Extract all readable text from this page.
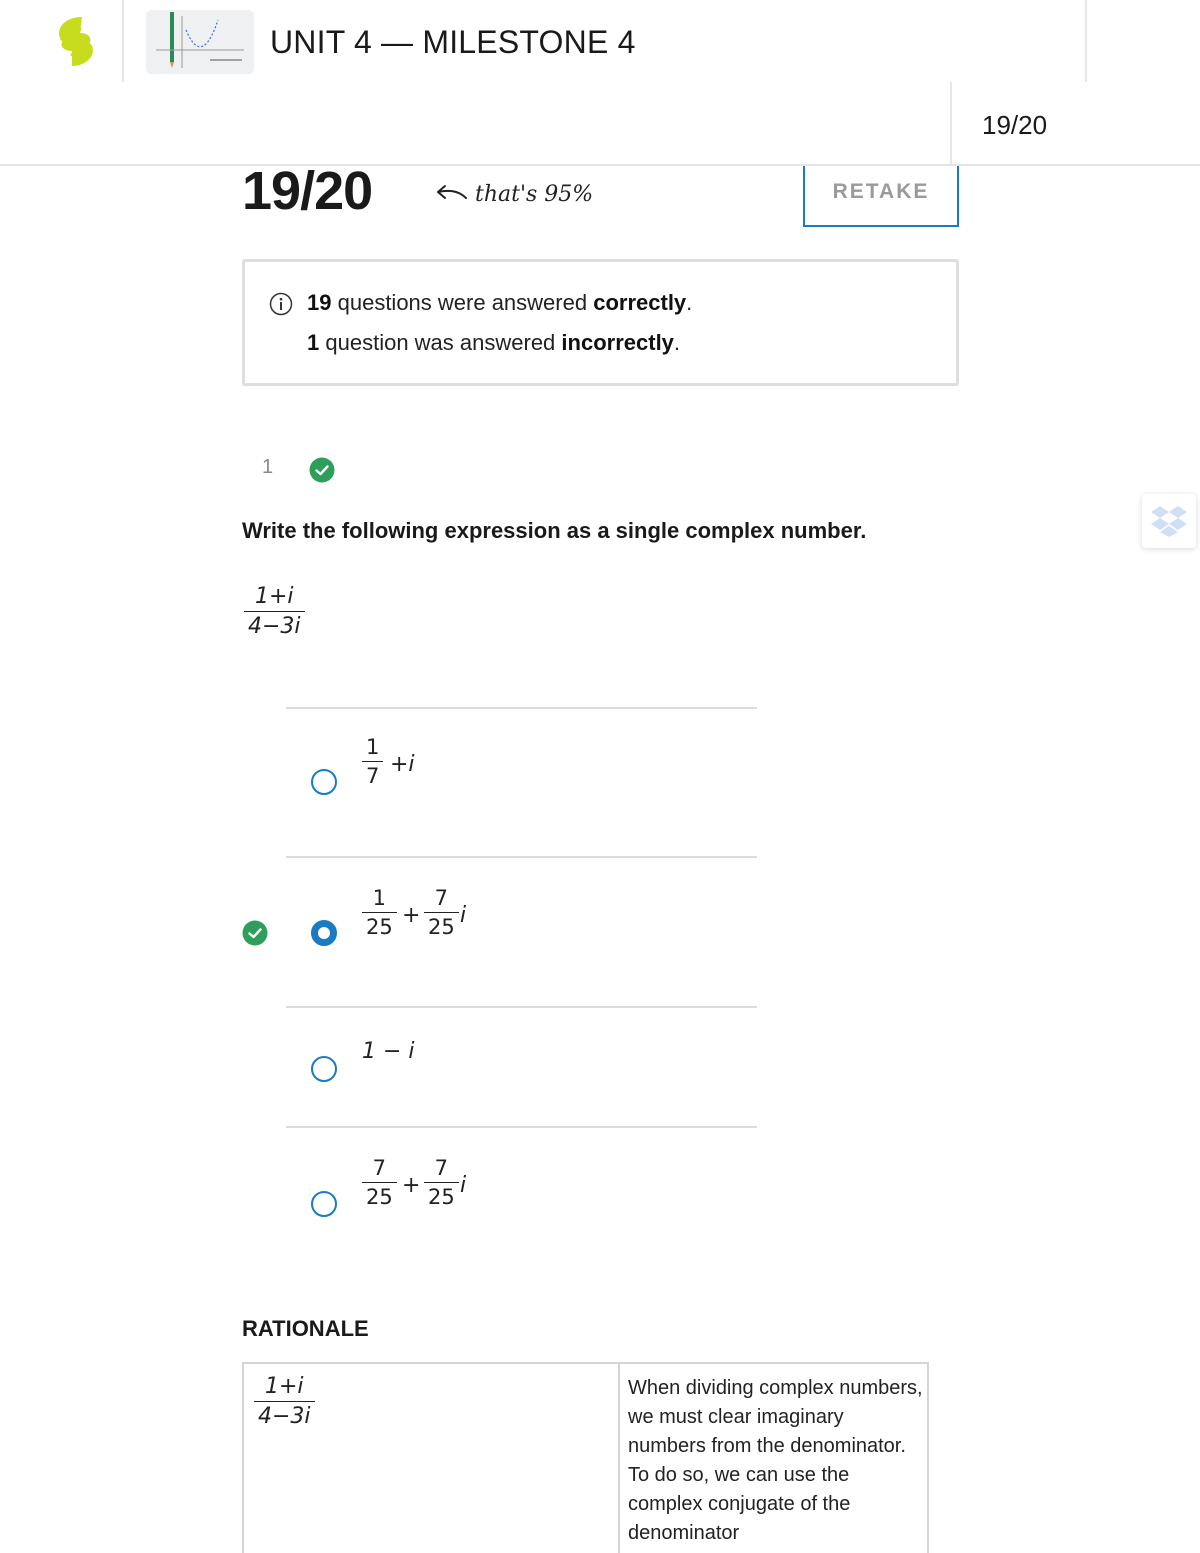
UNIT 4 — MILESTONE 4
19/20
19/20	that's 95%	RETAKE
19 questions were answered correctly.
1 question was answered incorrectly.
1
Write the following expression as a single complex number.
$\frac{1+i}{4-3i}$
$\frac{1}{7} +i$
$\frac{1}{25} + \frac{7}{25}$ i
1 − i
$\frac{7}{25} + \frac{7}{25}$ i
RATIONALE
$\frac{1+i}{4-3i}$	When dividing complex numbers, we must clear imaginary numbers from the denominator. To do so, we can use the complex conjugate of the denominator
